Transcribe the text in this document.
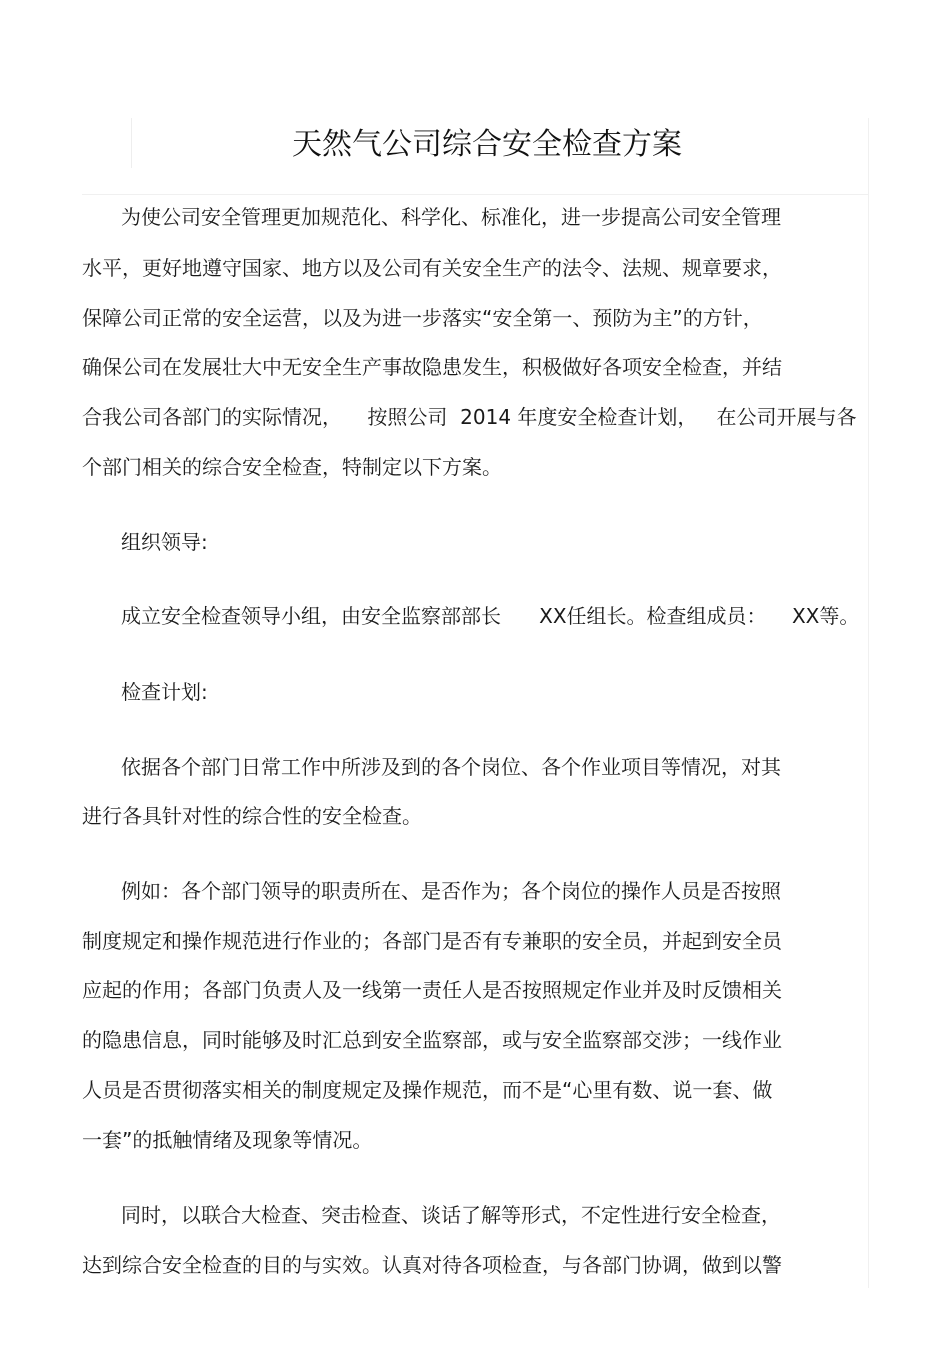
天然气公司综合安全检查方案
为使公司安全管理更加规范化、科学化、标准化，进一步提高公司安全管理
水平，更好地遵守国家、地方以及公司有关安全生产的法令、法规、规章要求，
保障公司正常的安全运营，以及为进一步落实“安全第一、预防为主”的方针，
确保公司在发展壮大中无安全生产事故隐患发生，积极做好各项安全检查，并结
合我公司各部门的实际情况，    按照公司  2014 年度安全检查计划，   在公司开展与各
个部门相关的综合安全检查，特制定以下方案。
组织领导:
成立安全检查领导小组，由安全监察部部长      XX任组长。检查组成员：    XX等。
检查计划:
依据各个部门日常工作中所涉及到的各个岗位、各个作业项目等情况，对其
进行各具针对性的综合性的安全检查。
例如：各个部门领导的职责所在、是否作为；各个岗位的操作人员是否按照
制度规定和操作规范进行作业的；各部门是否有专兼职的安全员，并起到安全员
应起的作用；各部门负责人及一线第一责任人是否按照规定作业并及时反馈相关
的隐患信息，同时能够及时汇总到安全监察部，或与安全监察部交涉；一线作业
人员是否贯彻落实相关的制度规定及操作规范，而不是“心里有数、说一套、做
一套”的抵触情绪及现象等情况。
同时，以联合大检查、突击检查、谈话了解等形式，不定性进行安全检查，
达到综合安全检查的目的与实效。认真对待各项检查，与各部门协调，做到以警
